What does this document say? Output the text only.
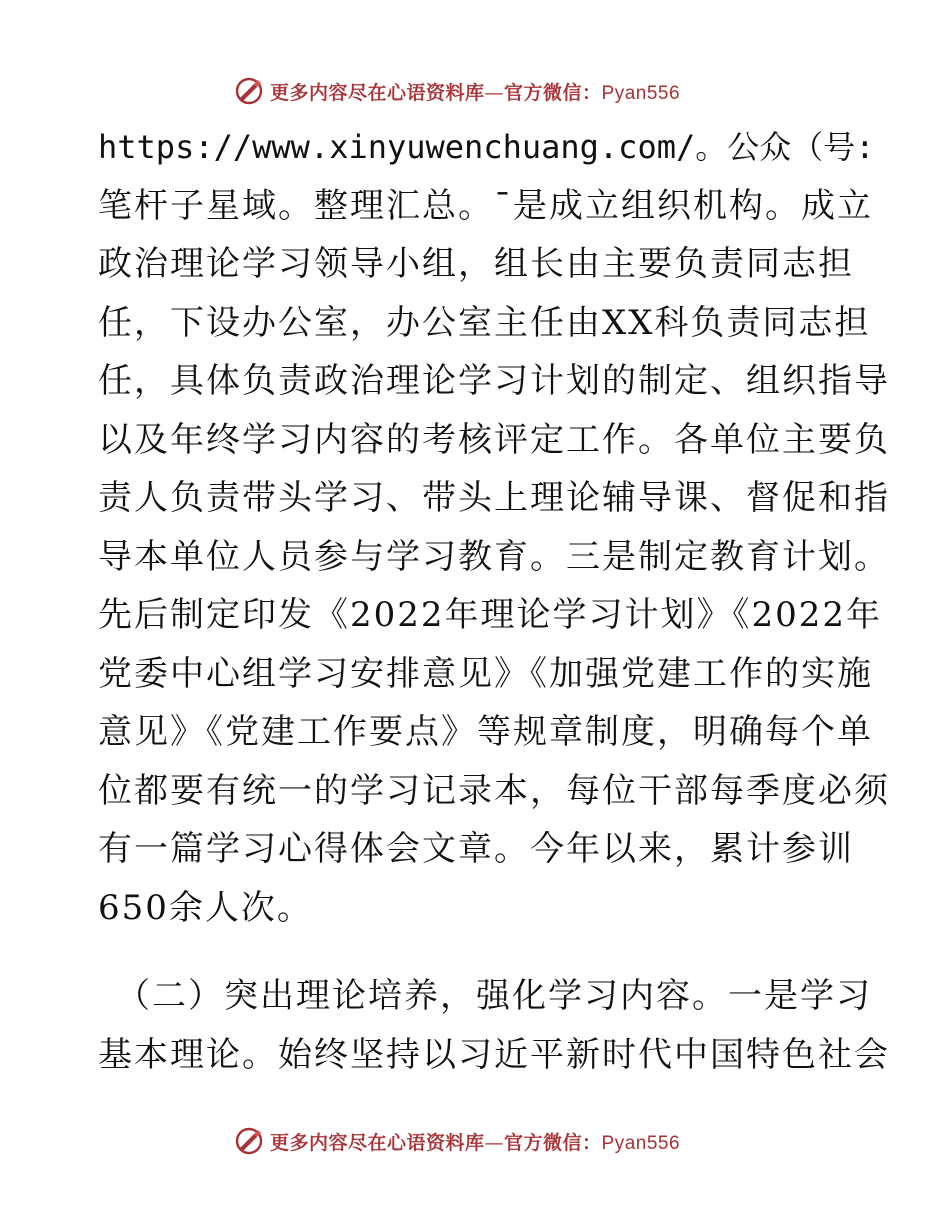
更多内容尽在心语资料库—官方微信：Pyan556
https://www.xinyuwenchuang.com/。公众（号:
笔杆子星域。整理汇总。¯是成立组织机构。成立
政治理论学习领导小组，组长由主要负责同志担
任，下设办公室，办公室主任由XX科负责同志担
任，具体负责政治理论学习计划的制定、组织指导
以及年终学习内容的考核评定工作。各单位主要负
责人负责带头学习、带头上理论辅导课、督促和指
导本单位人员参与学习教育。三是制定教育计划。
先后制定印发《2022年理论学习计划》《2022年
党委中心组学习安排意见》《加强党建工作的实施
意见》《党建工作要点》等规章制度，明确每个单
位都要有统一的学习记录本，每位干部每季度必须
有一篇学习心得体会文章。今年以来，累计参训
650余人次。
（二）突出理论培养，强化学习内容。一是学习
基本理论。始终坚持以习近平新时代中国特色社会
更多内容尽在心语资料库—官方微信：Pyan556
